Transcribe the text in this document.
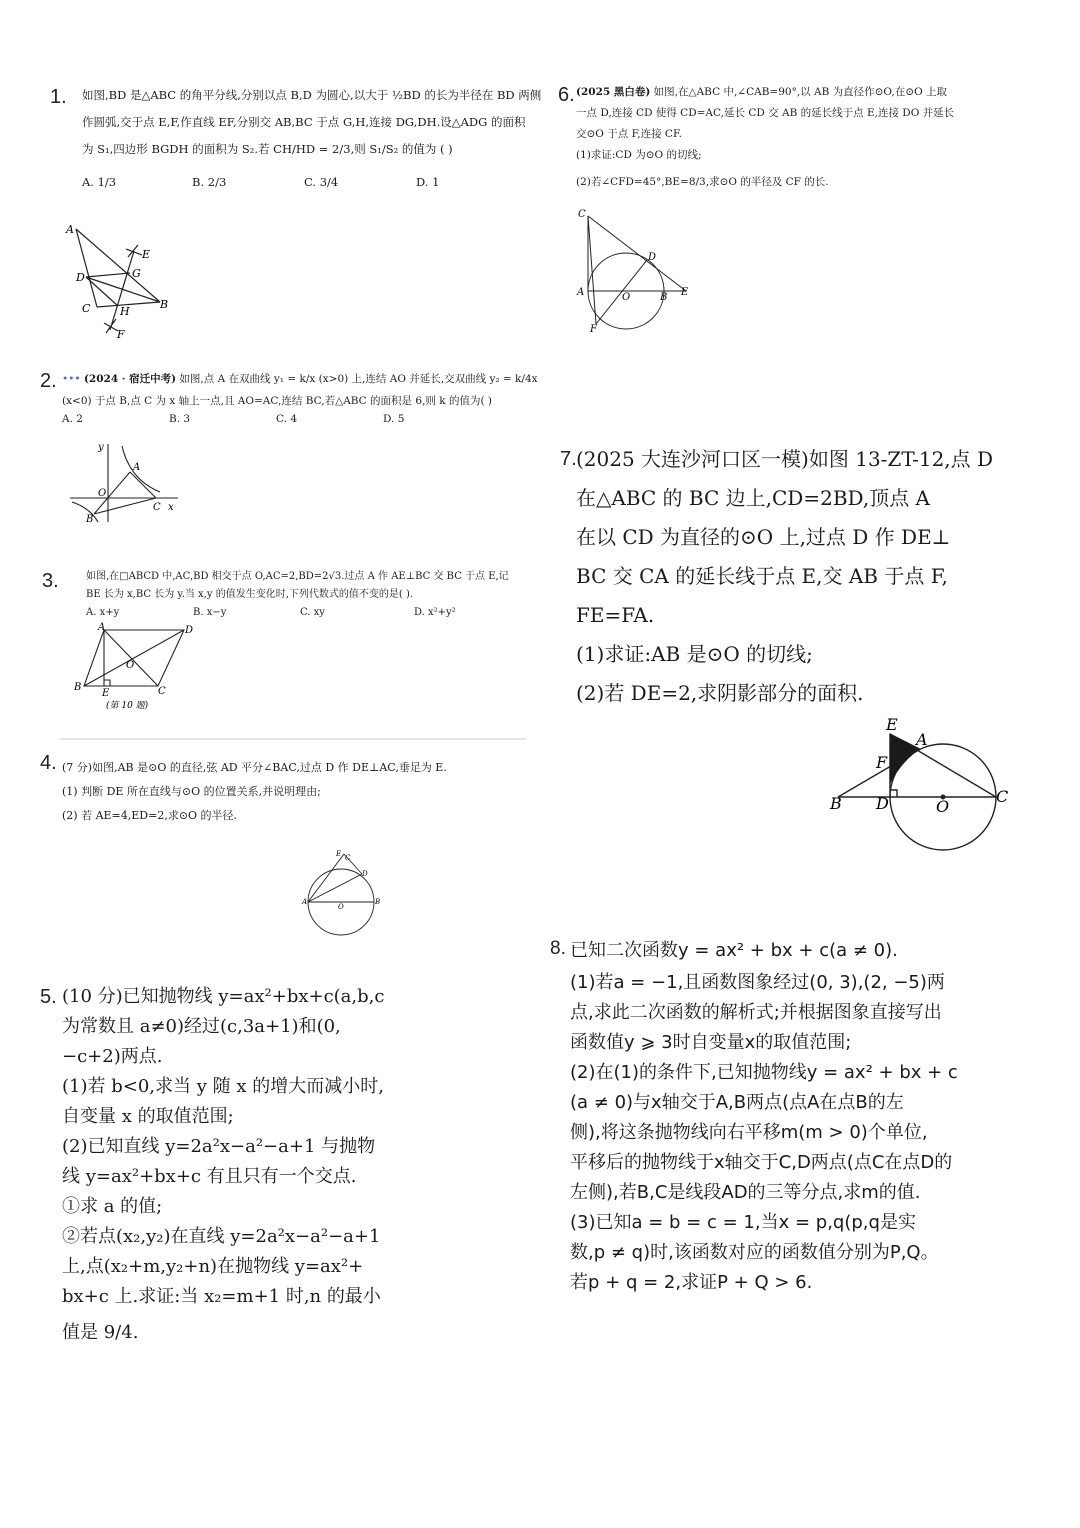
1. 如图,BD 是△ABC 的角平分线,分别以点 B,D 为圆心,以大于 ½BD 的长为半径在 BD 两侧
作圆弧,交于点 E,F,作直线 EF,分别交 AB,BC 于点 G,H,连接 DG,DH.设△ADG 的面积
为 S₁,四边形 BGDH 的面积为 S₂.若 CH/HD = 2/3,则 S₁/S₂ 的值为 ( )
A. 1/3	B. 2/3	C. 3/4	D. 1
A
E
G
D
B
C	H
F
2. ••• (2024 · 宿迁中考) 如图,点 A 在双曲线 y₁ = k/x (x>0) 上,连结 AO 并延长,交双曲线 y₂ = k/4x
(x<0) 于点 B,点 C 为 x 轴上一点,且 AO=AC,连结 BC,若△ABC 的面积是 6,则 k 的值为( )
A. 2	B. 3	C. 4	D. 5
y
A
O
C x
B
3.	如图,在□ABCD 中,AC,BD 相交于点 O,AC=2,BD=2√3.过点 A 作 AE⊥BC 交 BC 于点 E,记
BE 长为 x,BC 长为 y.当 x,y 的值发生变化时,下列代数式的值不变的是( ).
A. x+y	B. x−y	C. xy	D. x²+y²
A	D
O
B
E	C
(第 10 题)
4. (7 分)如图,AB 是⊙O 的直径,弦 AD 平分∠BAC,过点 D 作 DE⊥AC,垂足为 E.
(1) 判断 DE 所在直线与⊙O 的位置关系,并说明理由;
(2) 若 AE=4,ED=2,求⊙O 的半径.
E C
D
A
O
B
5. (10 分)已知抛物线 y=ax²+bx+c(a,b,c
为常数且 a≠0)经过(c,3a+1)和(0,
−c+2)两点.
(1)若 b<0,求当 y 随 x 的增大而减小时,
自变量 x 的取值范围;
(2)已知直线 y=2a²x−a²−a+1 与抛物
线 y=ax²+bx+c 有且只有一个交点.
①求 a 的值;
②若点(x₂,y₂)在直线 y=2a²x−a²−a+1
上,点(x₂+m,y₂+n)在抛物线 y=ax²+
bx+c 上.求证:当 x₂=m+1 时,n 的最小
值是 9/4.
6. (2025 黑白卷) 如图,在△ABC 中,∠CAB=90°,以 AB 为直径作⊙O,在⊙O 上取
一点 D,连接 CD 使得 CD=AC,延长 CD 交 AB 的延长线于点 E,连接 DO 并延长
交⊙O 于点 F,连接 CF.
(1)求证:CD 为⊙O 的切线;
(2)若∠CFD=45°,BE=8/3,求⊙O 的半径及 CF 的长.
C
D
A	O	B E
F
7. (2025 大连沙河口区一模)如图 13-ZT-12,点 D
在△ABC 的 BC 边上,CD=2BD,顶点 A
在以 CD 为直径的⊙O 上,过点 D 作 DE⊥
BC 交 CA 的延长线于点 E,交 AB 于点 F,
FE=FA.
(1)求证:AB 是⊙O 的切线;
(2)若 DE=2,求阴影部分的面积.
E
A
F
B D	O
C
8. 已知二次函数y = ax² + bx + c(a ≠ 0).
(1)若a = −1,且函数图象经过(0, 3),(2, −5)两
点,求此二次函数的解析式;并根据图象直接写出
函数值y ⩾ 3时自变量x的取值范围;
(2)在(1)的条件下,已知抛物线y = ax² + bx + c
(a ≠ 0)与x轴交于A,B两点(点A在点B的左
侧),将这条抛物线向右平移m(m > 0)个单位,
平移后的抛物线于x轴交于C,D两点(点C在点D的
左侧),若B,C是线段AD的三等分点,求m的值.
(3)已知a = b = c = 1,当x = p,q(p,q是实
数,p ≠ q)时,该函数对应的函数值分别为P,Q。
若p + q = 2,求证P + Q > 6.
